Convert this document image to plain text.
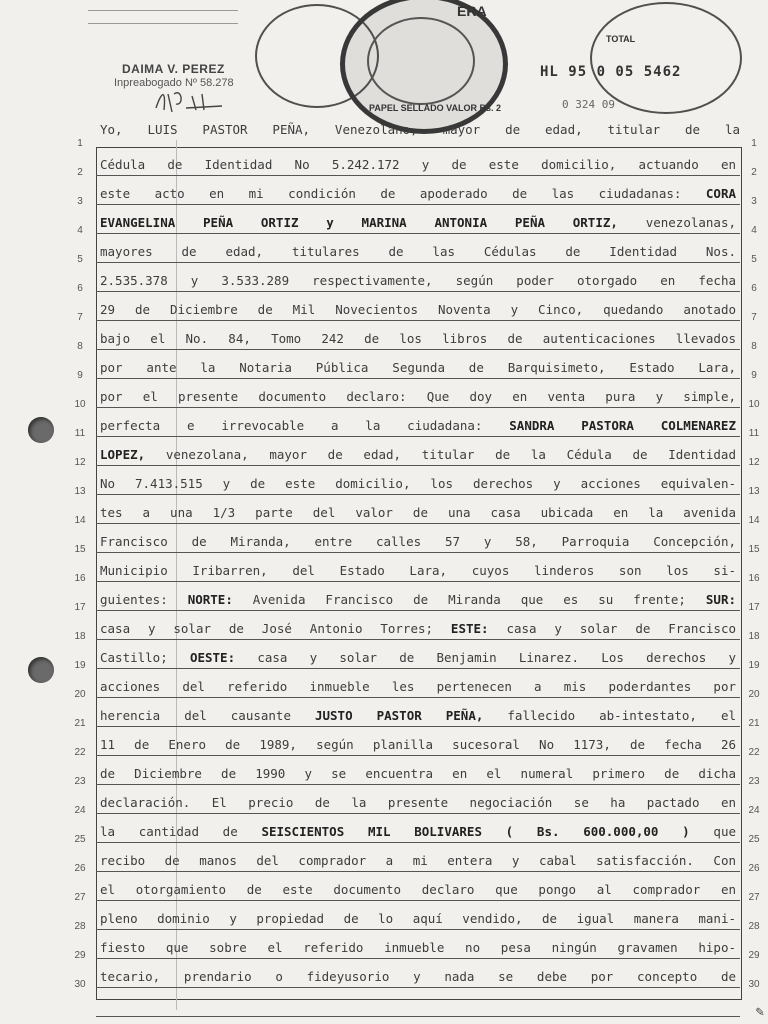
DAIMA V. PEREZ
Inpreabogado Nº 58.278
ERA
PAPEL SELLADO VALOR Bs. 2
TOTAL
HL 95 0 05 5462
0 324 09
Yo, LUIS PASTOR PEÑA, Venezolano, mayor de edad, titular de la
Cédula de Identidad No 5.242.172 y de este domicilio, actuando en
este acto en mi condición de apoderado de las ciudadanas: CORA
EVANGELINA PEÑA ORTIZ y MARINA ANTONIA PEÑA ORTIZ, venezolanas,
mayores de edad, titulares de las Cédulas de Identidad Nos.
2.535.378 y 3.533.289 respectivamente, según poder otorgado en fecha
29 de Diciembre de Mil Novecientos Noventa y Cinco, quedando anotado
bajo el No. 84, Tomo 242 de los libros de autenticaciones llevados
por ante la Notaria Pública Segunda de Barquisimeto, Estado Lara,
por el presente documento declaro: Que doy en venta pura y simple,
perfecta e irrevocable a la ciudadana: SANDRA PASTORA COLMENAREZ
LOPEZ, venezolana, mayor de edad, titular de la Cédula de Identidad
No 7.413.515 y de este domicilio, los derechos y acciones equivalen-
tes a una 1/3 parte del valor de una casa ubicada en la avenida
Francisco de Miranda, entre calles 57 y 58, Parroquia Concepción,
Municipio Iribarren, del Estado Lara, cuyos linderos son los si-
guientes: NORTE: Avenida Francisco de Miranda que es su frente; SUR:
casa y solar de José Antonio Torres; ESTE: casa y solar de Francisco
Castillo; OESTE: casa y solar de Benjamin Linarez. Los derechos y
acciones del referido inmueble les pertenecen a mis poderdantes por
herencia del causante JUSTO PASTOR PEÑA, fallecido ab-intestato, el
11 de Enero de 1989, según planilla sucesoral No 1173, de fecha 26
de Diciembre de 1990 y se encuentra en el numeral primero de dicha
declaración. El precio de la presente negociación se ha pactado en
la cantidad de SEISCIENTOS MIL BOLIVARES ( Bs. 600.000,00 ) que
recibo de manos del comprador a mi entera y cabal satisfacción. Con
el otorgamiento de este documento declaro que pongo al comprador en
pleno dominio y propiedad de lo aquí vendido, de igual manera mani-
fiesto que sobre el referido inmueble no pesa ningún gravamen hipo-
tecario, prendario o fideyusorio y nada se debe por concepto de
1	1
2	2
3	3
4	4
5	5
6	6
7	7
8	8
9	9
10	10
11	11
12	12
13	13
14	14
15	15
16	16
17	17
18	18
19	19
20	20
21	21
22	22
23	23
24	24
25	25
26	26
27	27
28	28
29	29
30	30
✎
